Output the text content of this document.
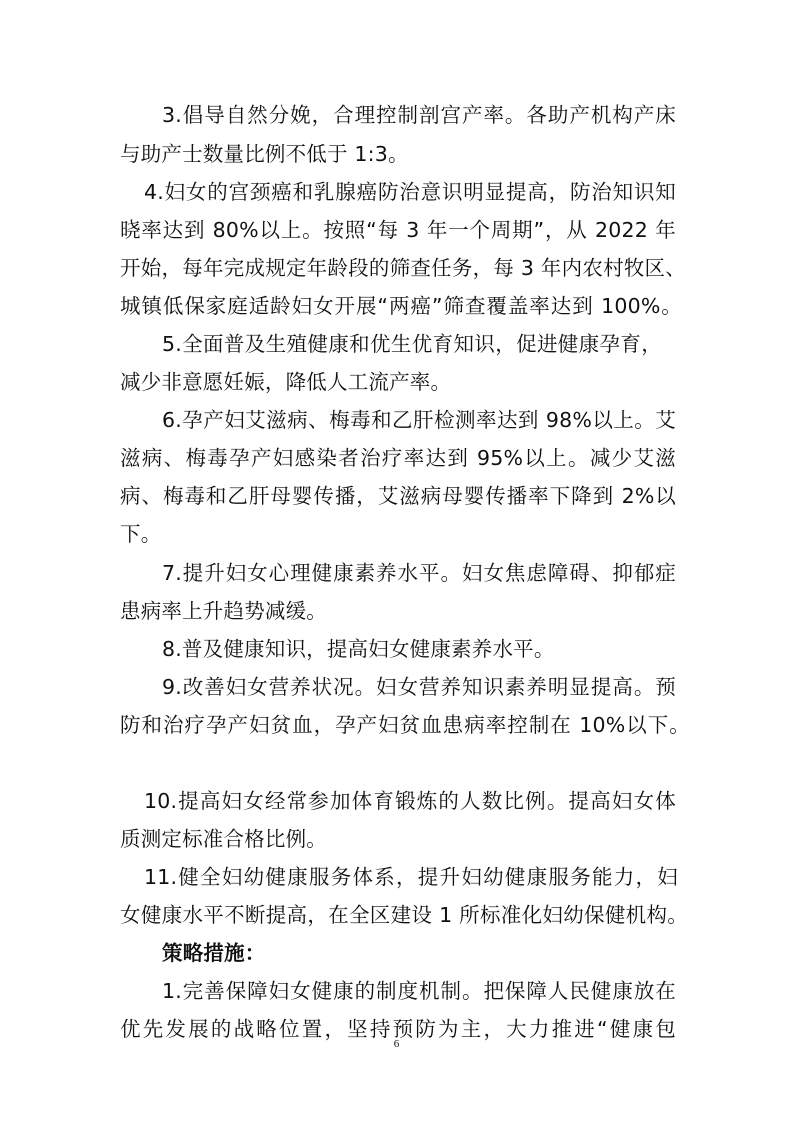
3.倡导自然分娩，合理控制剖宫产率。各助产机构产床
与助产士数量比例不低于 1:3。
4.妇女的宫颈癌和乳腺癌防治意识明显提高，防治知识知
晓率达到 80%以上。按照“每 3 年一个周期”，从 2022 年
开始，每年完成规定年龄段的筛查任务，每 3 年内农村牧区、
城镇低保家庭适龄妇女开展“两癌”筛查覆盖率达到 100%。
5.全面普及生殖健康和优生优育知识，促进健康孕育，
减少非意愿妊娠，降低人工流产率。
6.孕产妇艾滋病、梅毒和乙肝检测率达到 98%以上。艾
滋病、梅毒孕产妇感染者治疗率达到 95%以上。减少艾滋
病、梅毒和乙肝母婴传播，艾滋病母婴传播率下降到 2%以
下。
7.提升妇女心理健康素养水平。妇女焦虑障碍、抑郁症
患病率上升趋势减缓。
8.普及健康知识，提高妇女健康素养水平。
9.改善妇女营养状况。妇女营养知识素养明显提高。预
防和治疗孕产妇贫血，孕产妇贫血患病率控制在 10%以下。
10.提高妇女经常参加体育锻炼的人数比例。提高妇女体
质测定标准合格比例。
11.健全妇幼健康服务体系，提升妇幼健康服务能力，妇
女健康水平不断提高，在全区建设 1 所标准化妇幼保健机构。
策略措施：
1.完善保障妇女健康的制度机制。把保障人民健康放在
优先发展的战略位置，坚持预防为主，大力推进“健康包
6
